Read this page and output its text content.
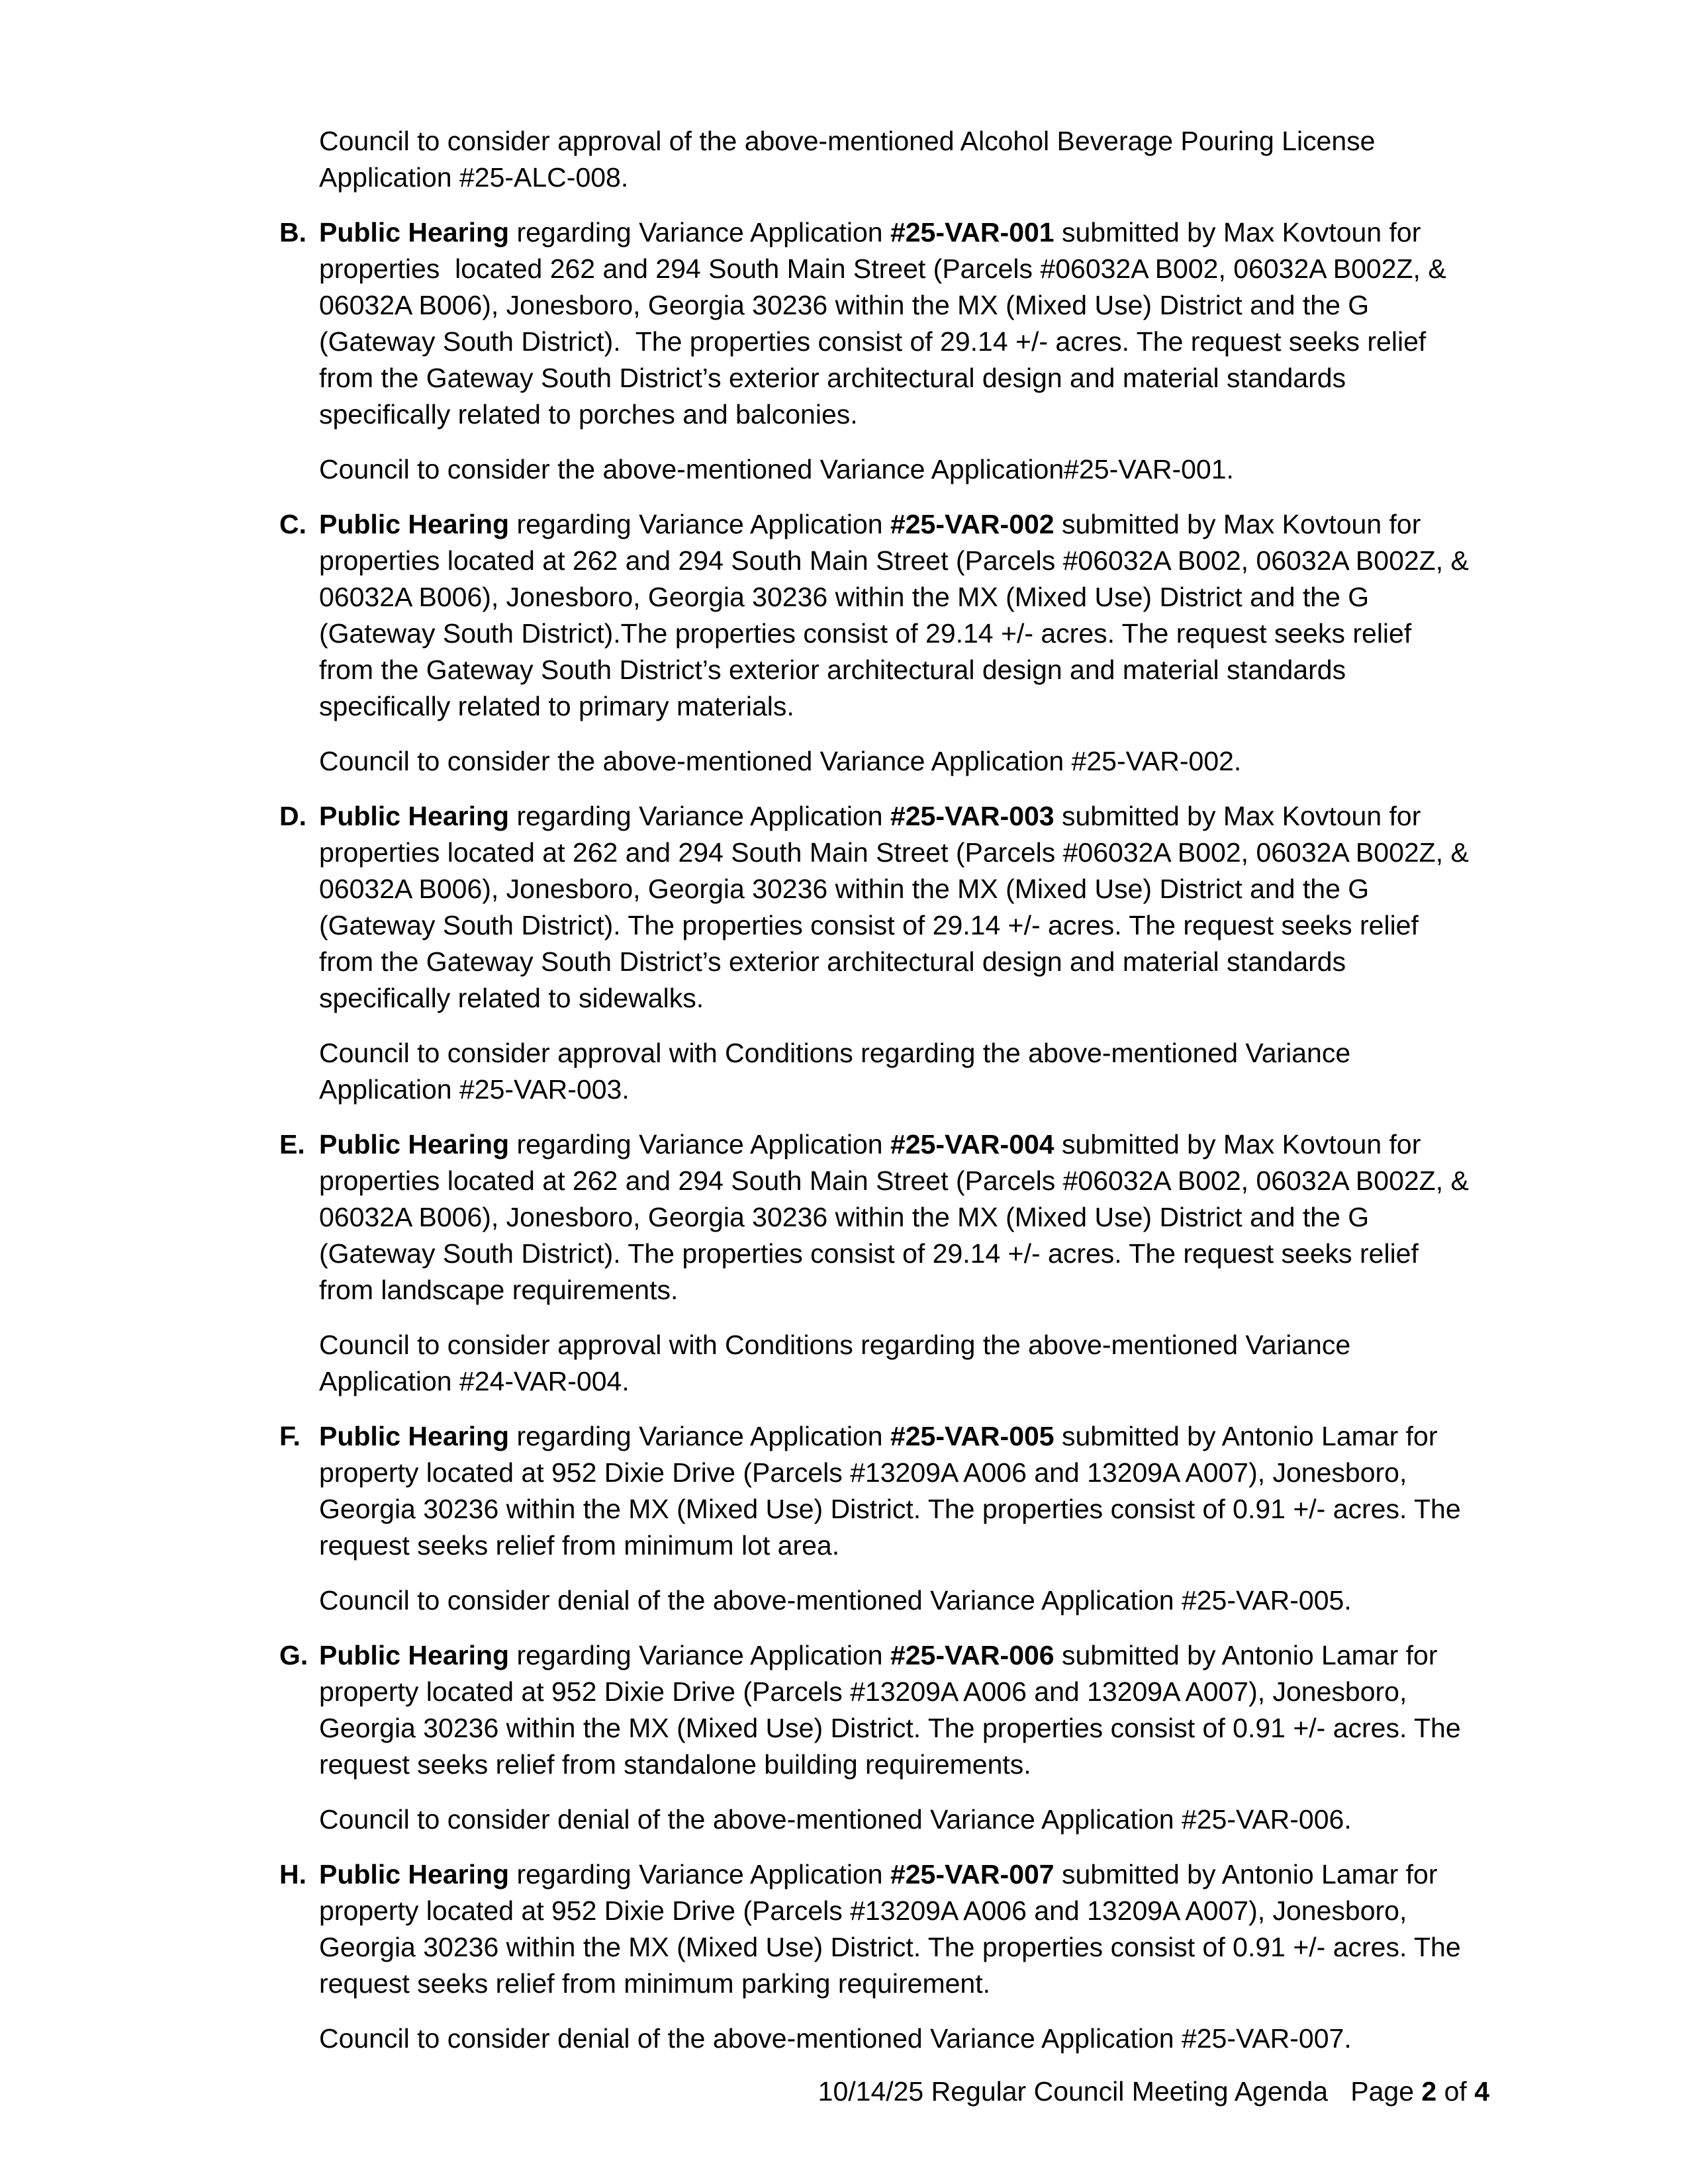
Council to consider approval of the above-mentioned Alcohol Beverage Pouring License
Application #25-ALC-008.
B. Public Hearing regarding Variance Application #25-VAR-001 submitted by Max Kovtoun for
properties  located 262 and 294 South Main Street (Parcels #06032A B002, 06032A B002Z, &
06032A B006), Jonesboro, Georgia 30236 within the MX (Mixed Use) District and the G
(Gateway South District).  The properties consist of 29.14 +/- acres. The request seeks relief
from the Gateway South District’s exterior architectural design and material standards
specifically related to porches and balconies.
Council to consider the above-mentioned Variance Application#25-VAR-001.
C. Public Hearing regarding Variance Application #25-VAR-002 submitted by Max Kovtoun for
properties located at 262 and 294 South Main Street (Parcels #06032A B002, 06032A B002Z, &
06032A B006), Jonesboro, Georgia 30236 within the MX (Mixed Use) District and the G
(Gateway South District).The properties consist of 29.14 +/- acres. The request seeks relief
from the Gateway South District’s exterior architectural design and material standards
specifically related to primary materials.
Council to consider the above-mentioned Variance Application #25-VAR-002.
D. Public Hearing regarding Variance Application #25-VAR-003 submitted by Max Kovtoun for
properties located at 262 and 294 South Main Street (Parcels #06032A B002, 06032A B002Z, &
06032A B006), Jonesboro, Georgia 30236 within the MX (Mixed Use) District and the G
(Gateway South District). The properties consist of 29.14 +/- acres. The request seeks relief
from the Gateway South District’s exterior architectural design and material standards
specifically related to sidewalks.
Council to consider approval with Conditions regarding the above-mentioned Variance
Application #25-VAR-003.
E. Public Hearing regarding Variance Application #25-VAR-004 submitted by Max Kovtoun for
properties located at 262 and 294 South Main Street (Parcels #06032A B002, 06032A B002Z, &
06032A B006), Jonesboro, Georgia 30236 within the MX (Mixed Use) District and the G
(Gateway South District). The properties consist of 29.14 +/- acres. The request seeks relief
from landscape requirements.
Council to consider approval with Conditions regarding the above-mentioned Variance
Application #24-VAR-004.
F. Public Hearing regarding Variance Application #25-VAR-005 submitted by Antonio Lamar for
property located at 952 Dixie Drive (Parcels #13209A A006 and 13209A A007), Jonesboro,
Georgia 30236 within the MX (Mixed Use) District. The properties consist of 0.91 +/- acres. The
request seeks relief from minimum lot area.
Council to consider denial of the above-mentioned Variance Application #25-VAR-005.
G. Public Hearing regarding Variance Application #25-VAR-006 submitted by Antonio Lamar for
property located at 952 Dixie Drive (Parcels #13209A A006 and 13209A A007), Jonesboro,
Georgia 30236 within the MX (Mixed Use) District. The properties consist of 0.91 +/- acres. The
request seeks relief from standalone building requirements.
Council to consider denial of the above-mentioned Variance Application #25-VAR-006.
H. Public Hearing regarding Variance Application #25-VAR-007 submitted by Antonio Lamar for
property located at 952 Dixie Drive (Parcels #13209A A006 and 13209A A007), Jonesboro,
Georgia 30236 within the MX (Mixed Use) District. The properties consist of 0.91 +/- acres. The
request seeks relief from minimum parking requirement.
Council to consider denial of the above-mentioned Variance Application #25-VAR-007.
10/14/25 Regular Council Meeting Agenda   Page 2 of 4
